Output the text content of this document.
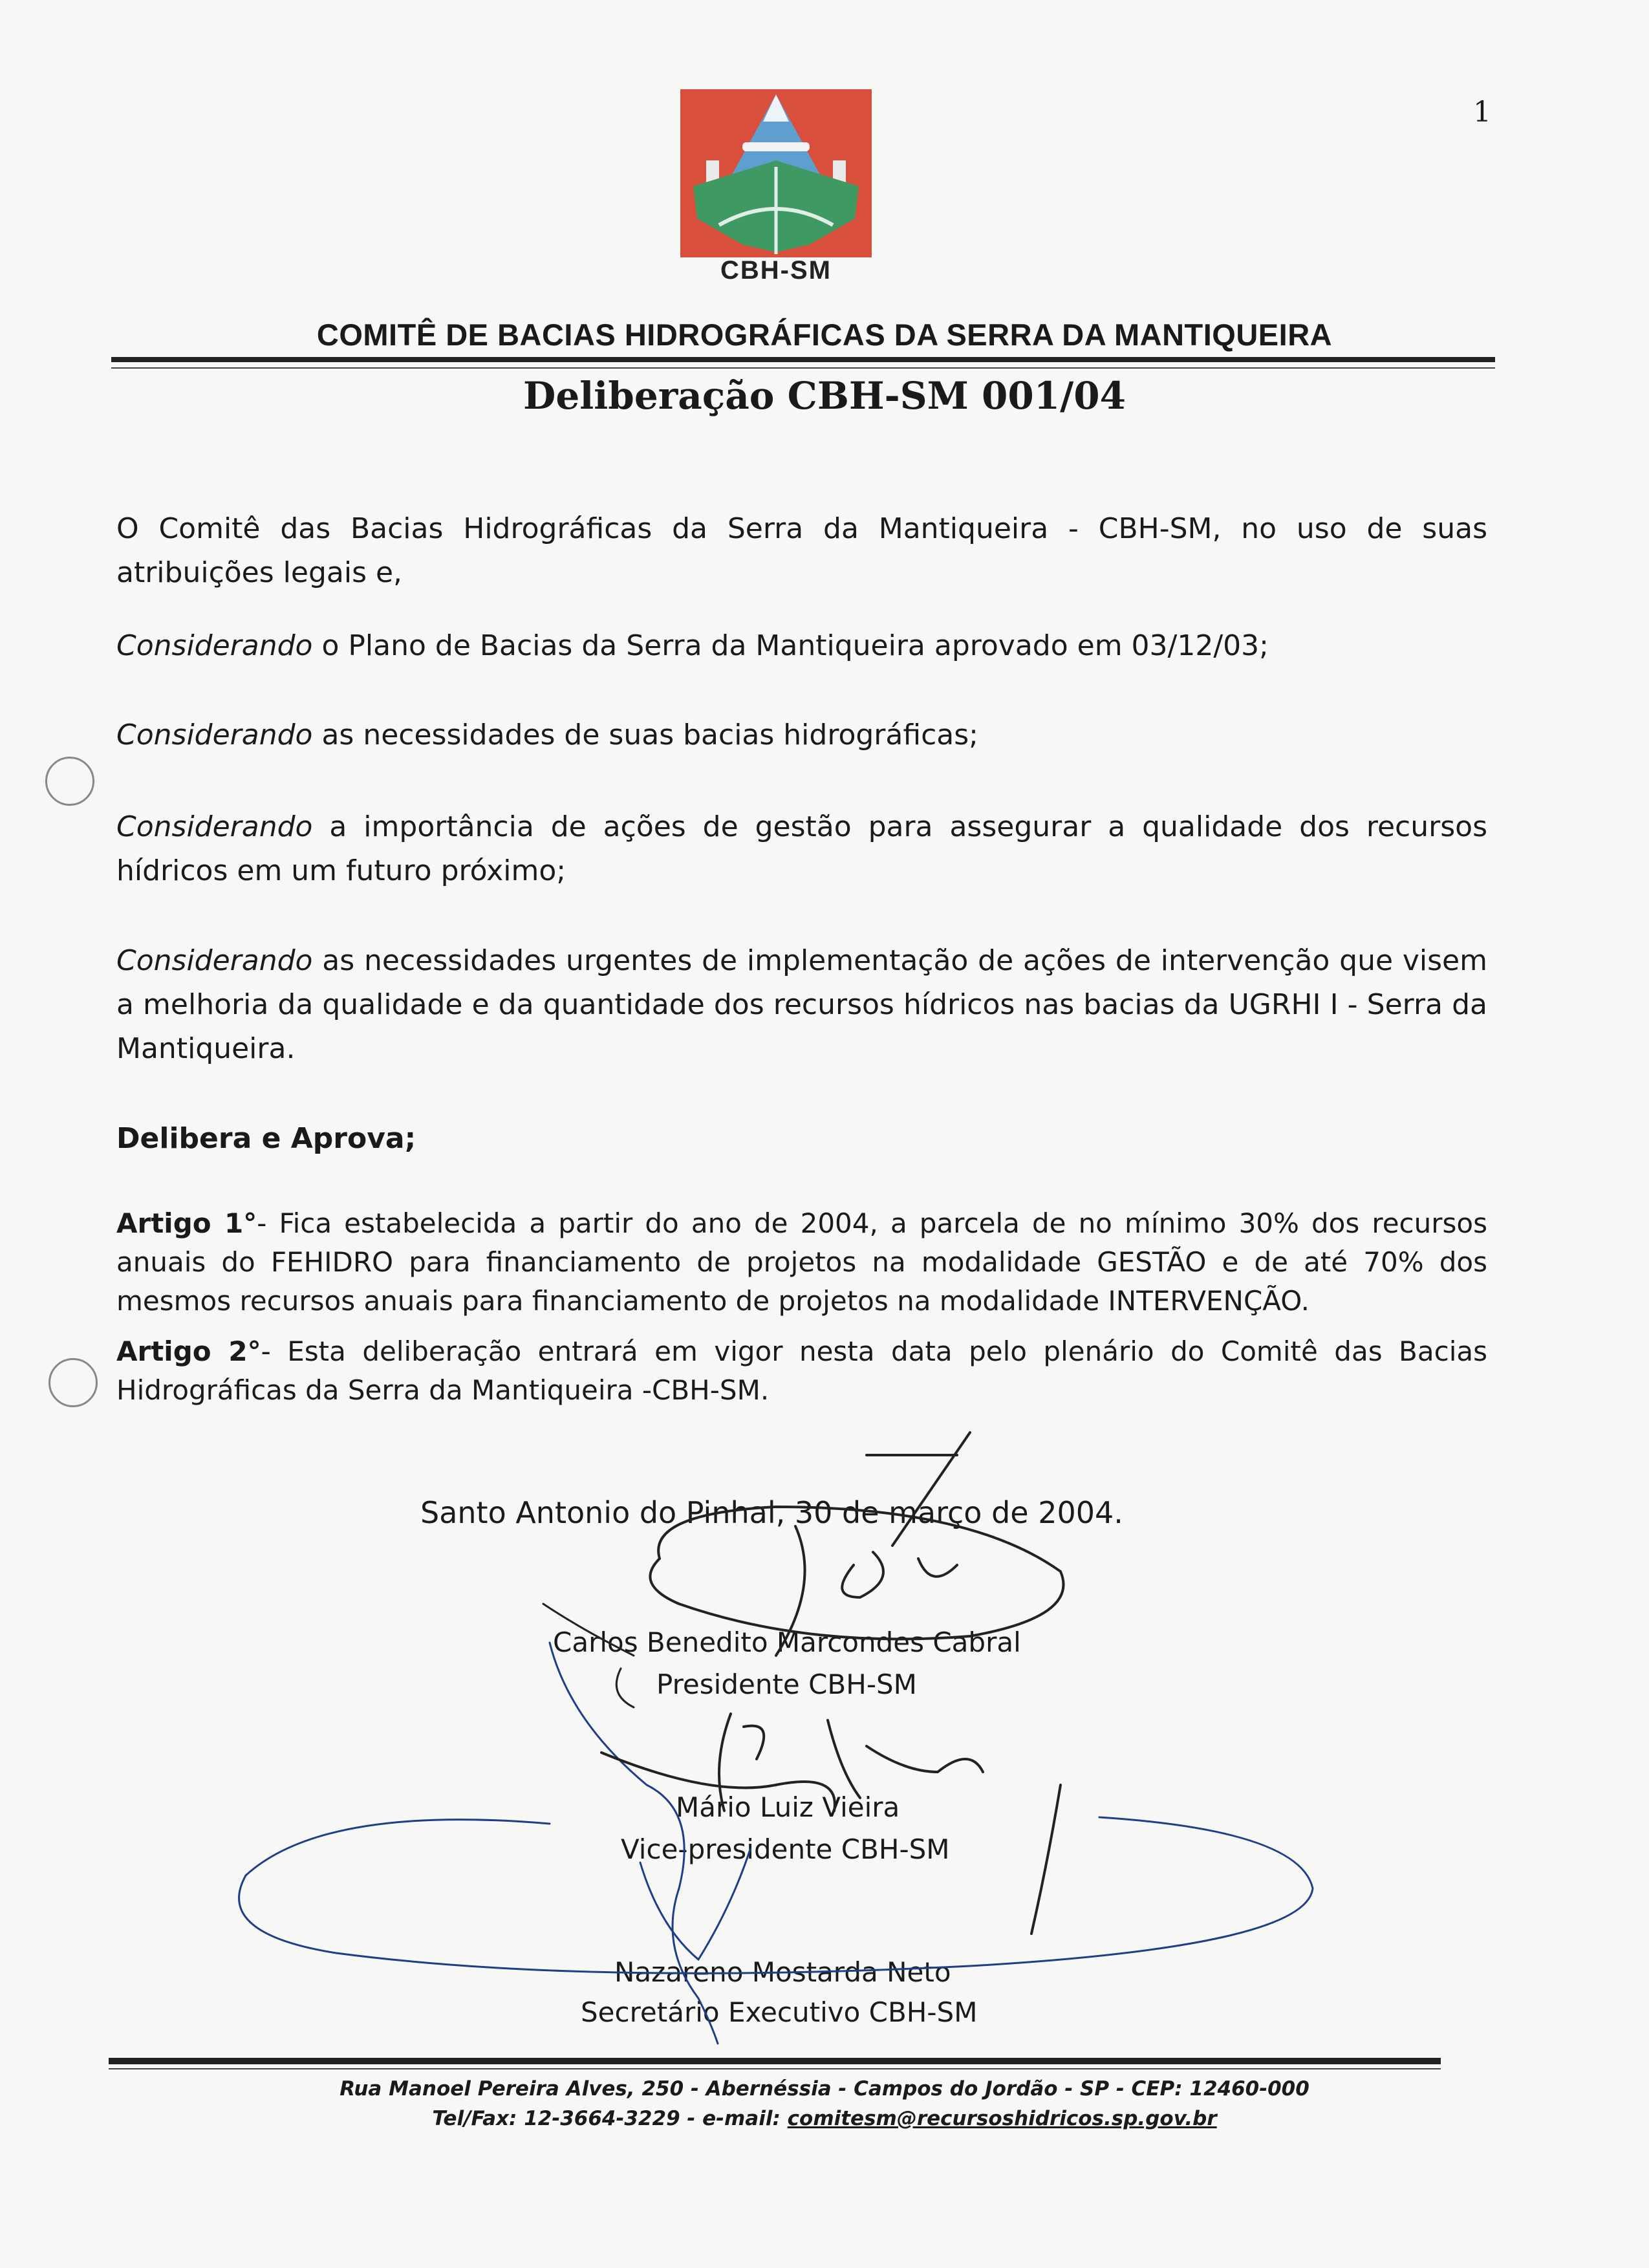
1
CBH-SM
COMITÊ DE BACIAS HIDROGRÁFICAS DA SERRA DA MANTIQUEIRA
Deliberação CBH-SM 001/04
O Comitê das Bacias Hidrográficas da Serra da Mantiqueira - CBH-SM, no uso de suas atribuições legais e,
Considerando o Plano de Bacias da Serra da Mantiqueira aprovado em 03/12/03;
Considerando as necessidades de suas bacias hidrográficas;
Considerando a importância de ações de gestão para assegurar a qualidade dos recursos hídricos em um futuro próximo;
Considerando as necessidades urgentes de implementação de ações de intervenção que visem a melhoria da qualidade e da quantidade dos recursos hídricos nas bacias da UGRHI I - Serra da Mantiqueira.
Delibera e Aprova;
Artigo 1°- Fica estabelecida a partir do ano de 2004, a parcela de no mínimo 30% dos recursos anuais do FEHIDRO para financiamento de projetos na modalidade GESTÃO e de até 70% dos mesmos recursos anuais para financiamento de projetos na modalidade INTERVENÇÃO.
Artigo 2°- Esta deliberação entrará em vigor nesta data pelo plenário do Comitê das Bacias Hidrográficas da Serra da Mantiqueira -CBH-SM.
Santo Antonio do Pinhal, 30 de março de 2004.
Carlos Benedito Marcondes Cabral
Presidente CBH-SM
Mário Luiz Vieira
Vice-presidente CBH-SM
Nazareno Mostarda Neto
Secretário Executivo CBH-SM
Rua Manoel Pereira Alves, 250 - Abernéssia - Campos do Jordão - SP - CEP: 12460-000
Tel/Fax: 12-3664-3229 - e-mail: comitesm@recursoshidricos.sp.gov.br
